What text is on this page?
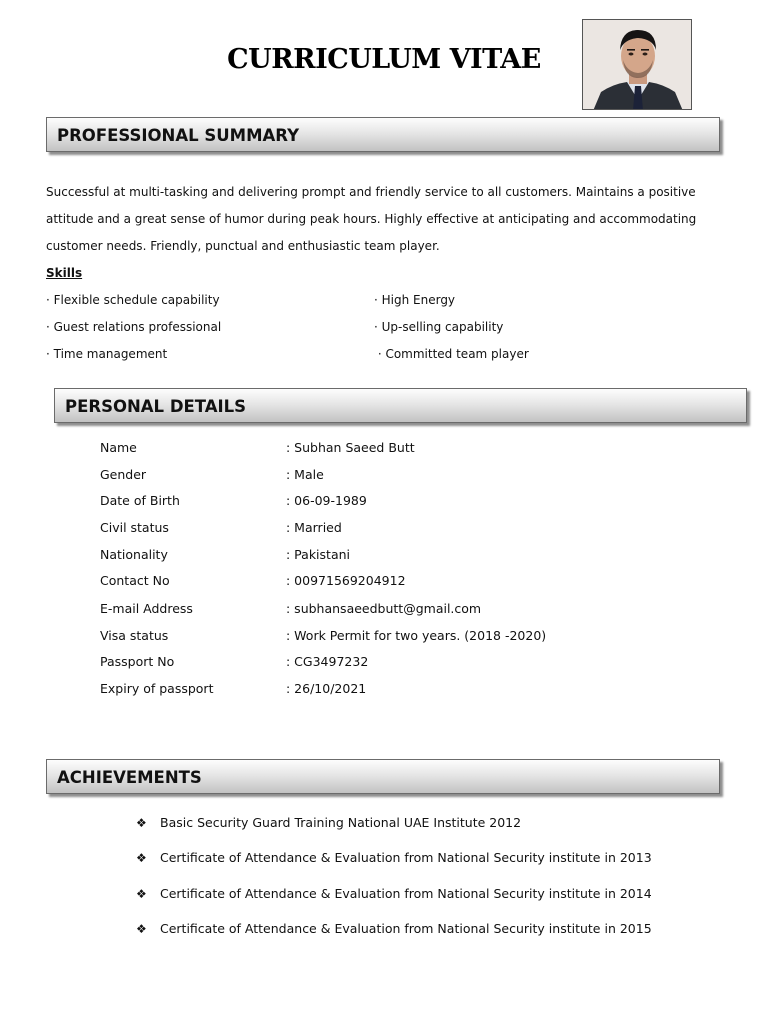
CURRICULUM VITAE
PROFESSIONAL SUMMARY
Successful at multi-tasking and delivering prompt and friendly service to all customers. Maintains a positive
attitude and a great sense of humor during peak hours. Highly effective at anticipating and accommodating
customer needs. Friendly, punctual and enthusiastic team player.
Skills
· Flexible schedule capability
· Guest relations professional
· Time management
· High Energy
· Up-selling capability
· Committed team player
PERSONAL DETAILS
Name	: Subhan Saeed Butt
Gender	: Male
Date of Birth	: 06-09-1989
Civil status	: Married
Nationality	: Pakistani
Contact No	: 00971569204912
E-mail Address	: subhansaeedbutt@gmail.com
Visa status	: Work Permit for two years. (2018 -2020)
Passport No	: CG3497232
Expiry of passport	: 26/10/2021
ACHIEVEMENTS
❖ Basic Security Guard Training National UAE Institute 2012
❖ Certificate of Attendance & Evaluation from National Security institute in 2013
❖ Certificate of Attendance & Evaluation from National Security institute in 2014
❖ Certificate of Attendance & Evaluation from National Security institute in 2015
